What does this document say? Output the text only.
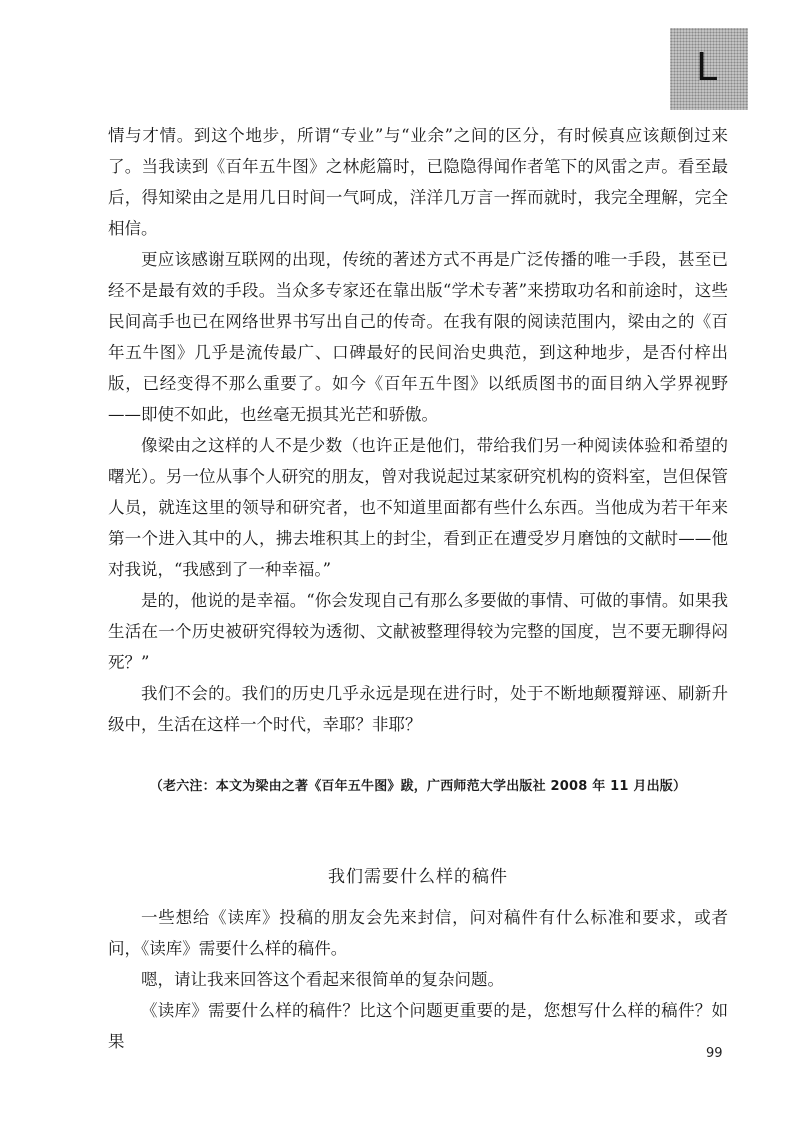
L

情与才情。到这个地步，所谓“专业”与“业余”之间的区分，有时候真应该颠倒过来了。当我读到《百年五牛图》之林彪篇时，已隐隐得闻作者笔下的风雷之声。看至最后，得知梁由之是用几日时间一气呵成，洋洋几万言一挥而就时，我完全理解，完全相信。

更应该感谢互联网的出现，传统的著述方式不再是广泛传播的唯一手段，甚至已经不是最有效的手段。当众多专家还在靠出版“学术专著”来捞取功名和前途时，这些民间高手也已在网络世界书写出自己的传奇。在我有限的阅读范围内，梁由之的《百年五牛图》几乎是流传最广、口碑最好的民间治史典范，到这种地步，是否付梓出版，已经变得不那么重要了。如今《百年五牛图》以纸质图书的面目纳入学界视野——即使不如此，也丝毫无损其光芒和骄傲。

像梁由之这样的人不是少数（也许正是他们，带给我们另一种阅读体验和希望的曙光）。另一位从事个人研究的朋友，曾对我说起过某家研究机构的资料室，岂但保管人员，就连这里的领导和研究者，也不知道里面都有些什么东西。当他成为若干年来第一个进入其中的人，拂去堆积其上的封尘，看到正在遭受岁月磨蚀的文献时——他对我说，“我感到了一种幸福。”

是的，他说的是幸福。“你会发现自己有那么多要做的事情、可做的事情。如果我生活在一个历史被研究得较为透彻、文献被整理得较为完整的国度，岂不要无聊得闷死？”

我们不会的。我们的历史几乎永远是现在进行时，处于不断地颠覆辩诬、刷新升级中，生活在这样一个时代，幸耶？非耶？

（老六注：本文为梁由之著《百年五牛图》跋，广西师范大学出版社 2008 年 11 月出版）
我们需要什么样的稿件

一些想给《读库》投稿的朋友会先来封信，问对稿件有什么标准和要求，或者问，《读库》需要什么样的稿件。

嗯，请让我来回答这个看起来很简单的复杂问题。

《读库》需要什么样的稿件？比这个问题更重要的是，您想写什么样的稿件？如果

99
